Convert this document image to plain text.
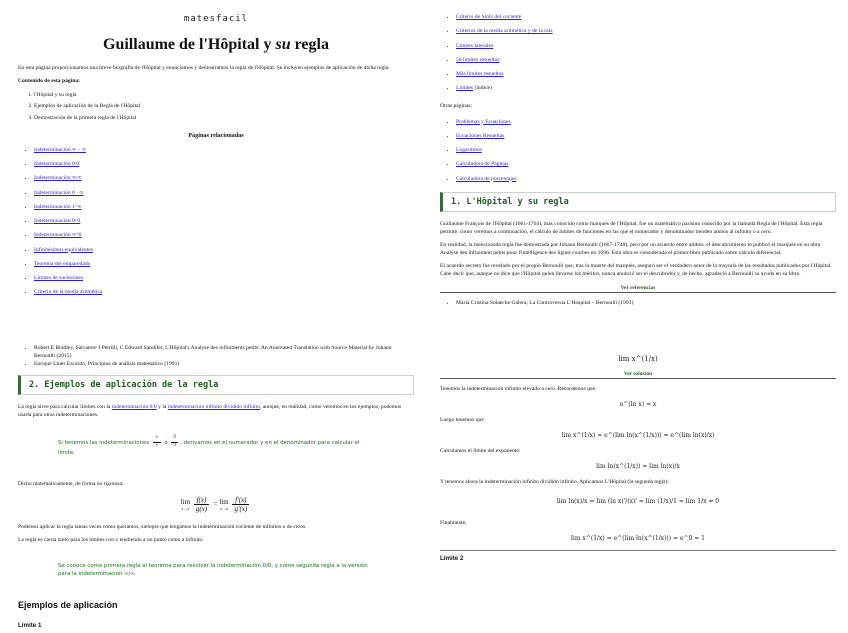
matesfacil
Guillaume de l'Hôpital y su regla

En esta página proporcionamos una breve biografía de l'Hôpital y enunciamos y demostramos la regla de l'Hôpital. Se incluyen ejemplos de aplicación de dicha regla.

Contenido de esta página:

1. l'Hôpital y su regla
2. Ejemplos de aplicación de la Regla de l'Hôpital
3. Demostración de la primera regla de l'Hôpital
Páginas relacionadas
• Indeterminación ∞ − ∞
• Indeterminación 0/0
• Indeterminación ∞/∞
• Indeterminación 0 · ∞
• Indeterminación 1^∞
• Indeterminación 0^0
• Indeterminación ∞^0
• Infinitésimos equivalentes
• Teorema del emparedado
• Límites de sucesiones
• Criterio de la media aritmética
• Robert E Bradley, Salvatore J Petrilli, C Edward Sandifer, L'Hôpital's Analyse des infiniments petits: An Annotated Translation with Source Material by Johann Bernoulli (2015)
• Enrique Linés Escardó; Principios de análisis matemático (1991)
2. Ejemplos de aplicación de la regla

La regla sirve para calcular límites con la indeterminación 0/0 y la indeterminación infinito dividido infinito, aunque, en realidad, como veremos en los ejemplos, podemos usarla para otras indeterminaciones.

Si tenemos las indeterminaciones $\frac{\infty}{\infty}$ ó $\frac{0}{0}$ , derivamos en el numerador y en el denominador para calcular el límite.

Dicho matemáticamente, de forma no rigurosa:

lim
x→a
$\frac{f(x)}{g(x)} = \lim$
x→a
$\frac{f'(x)}{g'(x)}$

Podemos aplicar la regla tantas veces como queramos, siempre que tengamos la indeterminación cociente de infinitos o de ceros.

La regla es cierta tanto para los límites con x tendiendo a un punto como a infinito.

Se conoce como primera regla al teorema para resolver la indeterminación 0/0, y como segunda regla a la versión para la indeterminación ∞/∞.
Ejemplos de aplicación
Límite 1
• Criterio de Stolz del cociente
• Criterios de la media aritmética y de la raíz
• Límites laterales
• 50 límites resueltos
• Más límites resueltos
• Límites (índice)

Otras páginas:

• Problemas y Ecuaciones
• Ecuaciones Resueltas
• Logaritmos
• Calculadora de Páginas
• Calculadora de porcentajes
1. L'Hôpital y su regla

Guillaume François de l'Hôpital (1661-1704), más conocido como marqués de l'Hôpital, fue un matemático parisino conocido por la llamada Regla de l'Hôpital. Esta regla permite, como veremos a continuación, el cálculo de límites de funciones en las que el numerador y denominador tienden ambos al infinito o a cero.

En realidad, la mencionada regla fue demostrada por Johann Bernoulli (1667-1748), pero por un acuerdo entre ambos, el descubrimiento lo publicó el marqués en su obra Analyse des infiniment petits pour l'intelligence des lignes courbes en 1696. Esta obra es considerada el primer libro publicado sobre cálculo diferencial.

El acuerdo secreto fue revelado por el propio Bernoulli que, tras la muerte del marqués, aseguró ser el verdadero autor de la mayoría de las resultados publicados por l'Hôpital. Cabe decir que, aunque no dice que l'Hôpital quien llevarse los méritos, nunca anunció ser el descubridor y, de hecho, agradeció a Bernoulli su ayuda en su libro.

Ver referencias
• María Cristina Solaeche Galera; La Controversia L'Hospital – Bernoulli (1993)
lim x^(1/x)
Ver solución

Tenemos la indeterminación infinito elevado a cero. Recordemos que:

e^(ln x) = x

Luego tenemos que

lim x^(1/x) = e^(lim ln(x^(1/x))) = e^(lim ln(x)/x)

Calculamos el límite del exponente:

lim ln(x^(1/x)) = lim ln(x)/x

Y tenemos ahora la indeterminación infinito dividido infinito. Aplicamos L'Hôpital (la segunda regla):

lim ln(x)/x = lim (ln x)'/(x)' = lim (1/x)/1 = lim 1/x = 0

Finalmente,

lim x^(1/x) = e^(lim ln(x^(1/x))) = e^0 = 1
Límite 2
